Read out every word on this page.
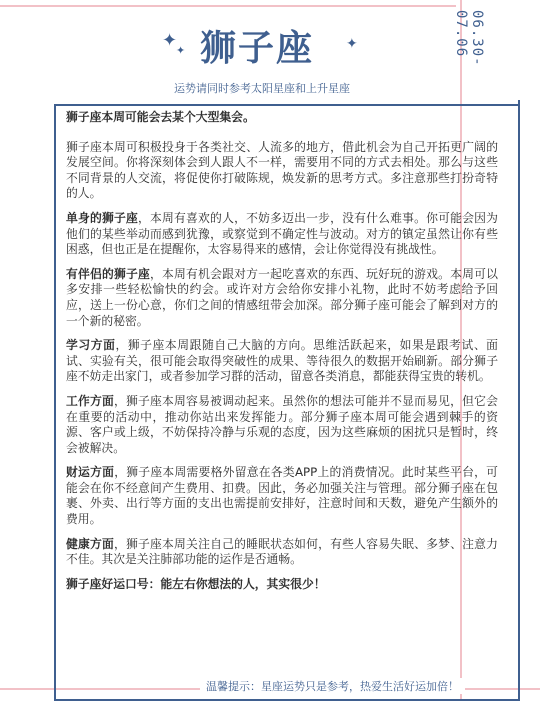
06.30-07.06
✦
✦	✦
狮子座
运势请同时参考太阳星座和上升星座

狮子座本周可能会去某个大型集会。

狮子座本周可积极投身于各类社交、人流多的地方，借此机会为自己开拓更广阔的发展空间。你将深刻体会到人跟人不一样，需要用不同的方式去相处。那么与这些不同背景的人交流，将促使你打破陈规，焕发新的思考方式。多注意那些打扮奇特的人。

单身的狮子座，本周有喜欢的人，不妨多迈出一步，没有什么难事。你可能会因为他们的某些举动而感到犹豫，或察觉到不确定性与波动。对方的镇定虽然让你有些困惑，但也正是在提醒你，太容易得来的感情，会让你觉得没有挑战性。

有伴侣的狮子座，本周有机会跟对方一起吃喜欢的东西、玩好玩的游戏。本周可以多安排一些轻松愉快的约会。或许对方会给你安排小礼物，此时不妨考虑给予回应，送上一份心意，你们之间的情感纽带会加深。部分狮子座可能会了解到对方的一个新的秘密。

学习方面，狮子座本周跟随自己大脑的方向。思维活跃起来，如果是跟考试、面试、实验有关，很可能会取得突破性的成果、等待很久的数据开始刷新。部分狮子座不妨走出家门，或者参加学习群的活动，留意各类消息，都能获得宝贵的转机。

工作方面，狮子座本周容易被调动起来。虽然你的想法可能并不显而易见，但它会在重要的活动中，推动你站出来发挥能力。部分狮子座本周可能会遇到棘手的资源、客户或上级，不妨保持冷静与乐观的态度，因为这些麻烦的困扰只是暂时，终会被解决。

财运方面，狮子座本周需要格外留意在各类APP上的消费情况。此时某些平台，可能会在你不经意间产生费用、扣费。因此，务必加强关注与管理。部分狮子座在包裹、外卖、出行等方面的支出也需提前安排好，注意时间和天数，避免产生额外的费用。

健康方面，狮子座本周关注自己的睡眠状态如何，有些人容易失眠、多梦、注意力不佳。其次是关注肺部功能的运作是否通畅。

狮子座好运口号：能左右你想法的人，其实很少！

温馨提示：星座运势只是参考，热爱生活好运加倍！
